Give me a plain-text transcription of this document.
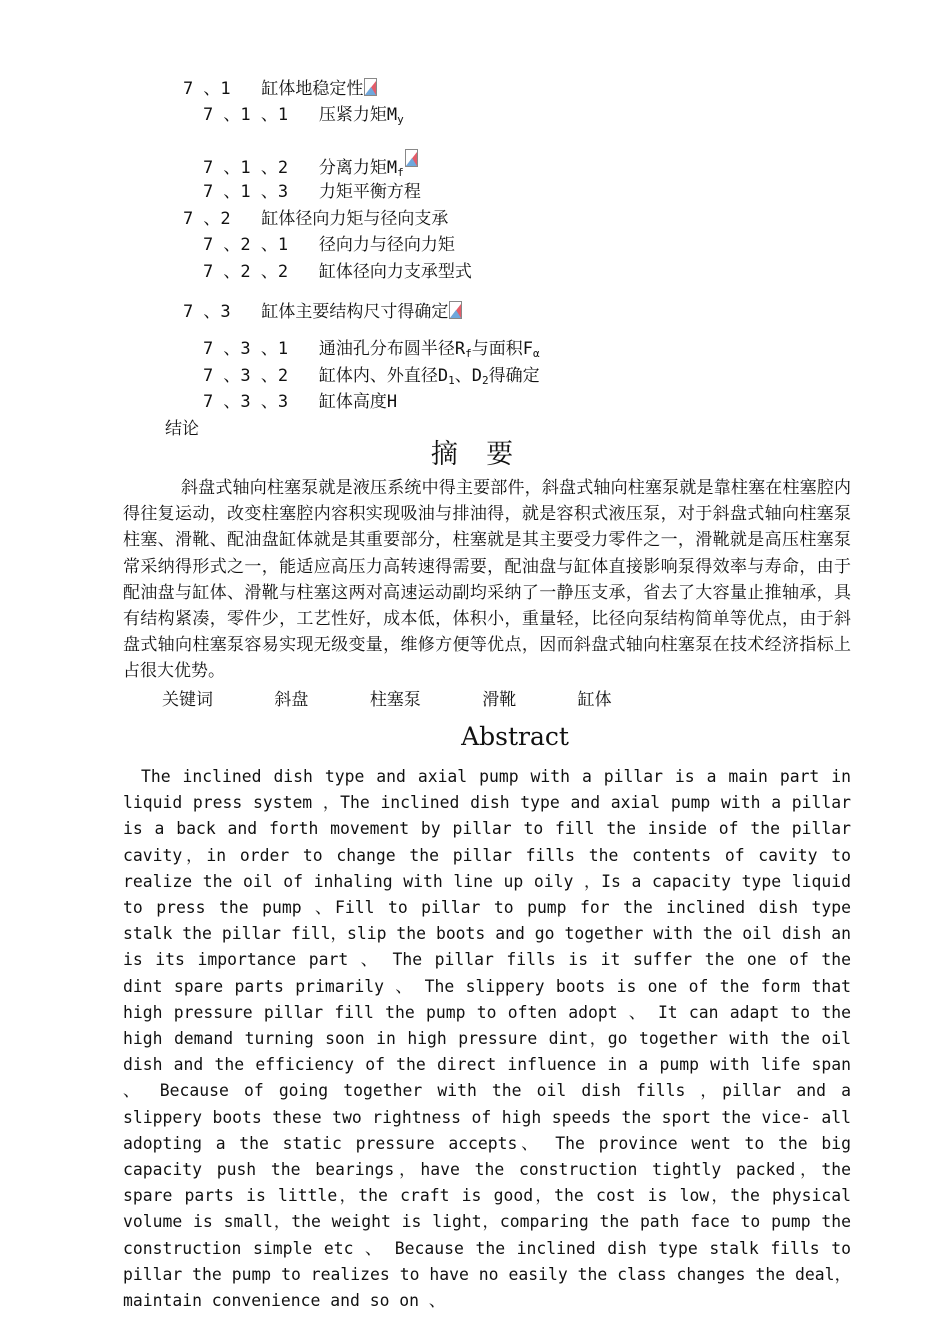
7 、1   缸体地稳定性

7 、1 、1   压紧力矩$M_y$

7 、1 、2   分离力矩$M_f$

7 、1 、3   力矩平衡方程

7 、2   缸体径向力矩与径向支承

7 、2 、1   径向力与径向力矩

7 、2 、2   缸体径向力支承型式

7 、3   缸体主要结构尺寸得确定

7 、3 、1   通油孔分布圆半径$R_f$与面积$F_\alpha$

7 、3 、2   缸体内、外直径$D_1$、$D_2$得确定

7 、3 、3   缸体高度H

结论

摘 要
斜盘式轴向柱塞泵就是液压系统中得主要部件，斜盘式轴向柱塞泵就是靠柱塞在柱塞腔内得往复运动，改变柱塞腔内容积实现吸油与排油得，就是容积式液压泵，对于斜盘式轴向柱塞泵柱塞、滑靴、配油盘缸体就是其重要部分，柱塞就是其主要受力零件之一，滑靴就是高压柱塞泵常采纳得形式之一，能适应高压力高转速得需要，配油盘与缸体直接影响泵得效率与寿命，由于配油盘与缸体、滑靴与柱塞这两对高速运动副均采纳了一静压支承，省去了大容量止推轴承，具有结构紧凑，零件少，工艺性好，成本低，体积小，重量轻，比径向泵结构简单等优点，由于斜盘式轴向柱塞泵容易实现无级变量，维修方便等优点，因而斜盘式轴向柱塞泵在技术经济指标上占很大优势。
关键词      斜盘      柱塞泵      滑靴      缸体
Abstract
The inclined dish type and axial pump with a pillar is a main part in liquid press system ，The inclined dish type and axial pump with a pillar is a back and forth movement by pillar to fill the inside of the pillar cavity，in order to change the pillar fills the contents of cavity to realize the oil of inhaling with line up oily ，Is a capacity type liquid to press the pump 、Fill to pillar to pump for the inclined dish type stalk the pillar fill，slip the boots and go together with the oil dish an is its importance part 、 The pillar fills is it suffer the one of the dint spare parts primarily 、 The slippery boots is one of the form that high pressure pillar fill the pump to often adopt 、 It can adapt to the high demand turning soon in high pressure dint，go together with the oil dish and the efficiency of the direct influence in a pump with life span 、 Because of going together with the oil dish fills ，pillar and a slippery boots these two rightness of high speeds the sport the vice- all adopting a the static pressure accepts、 The province went to the big capacity push the bearings，have the construction tightly packed，the spare parts is little，the craft is good，the cost is low，the physical volume is small，the weight is light，comparing the path face to pump the construction simple etc 、 Because the inclined dish type stalk fills to pillar the pump to realizes to have no easily the class changes the deal，maintain convenience and so on 、
